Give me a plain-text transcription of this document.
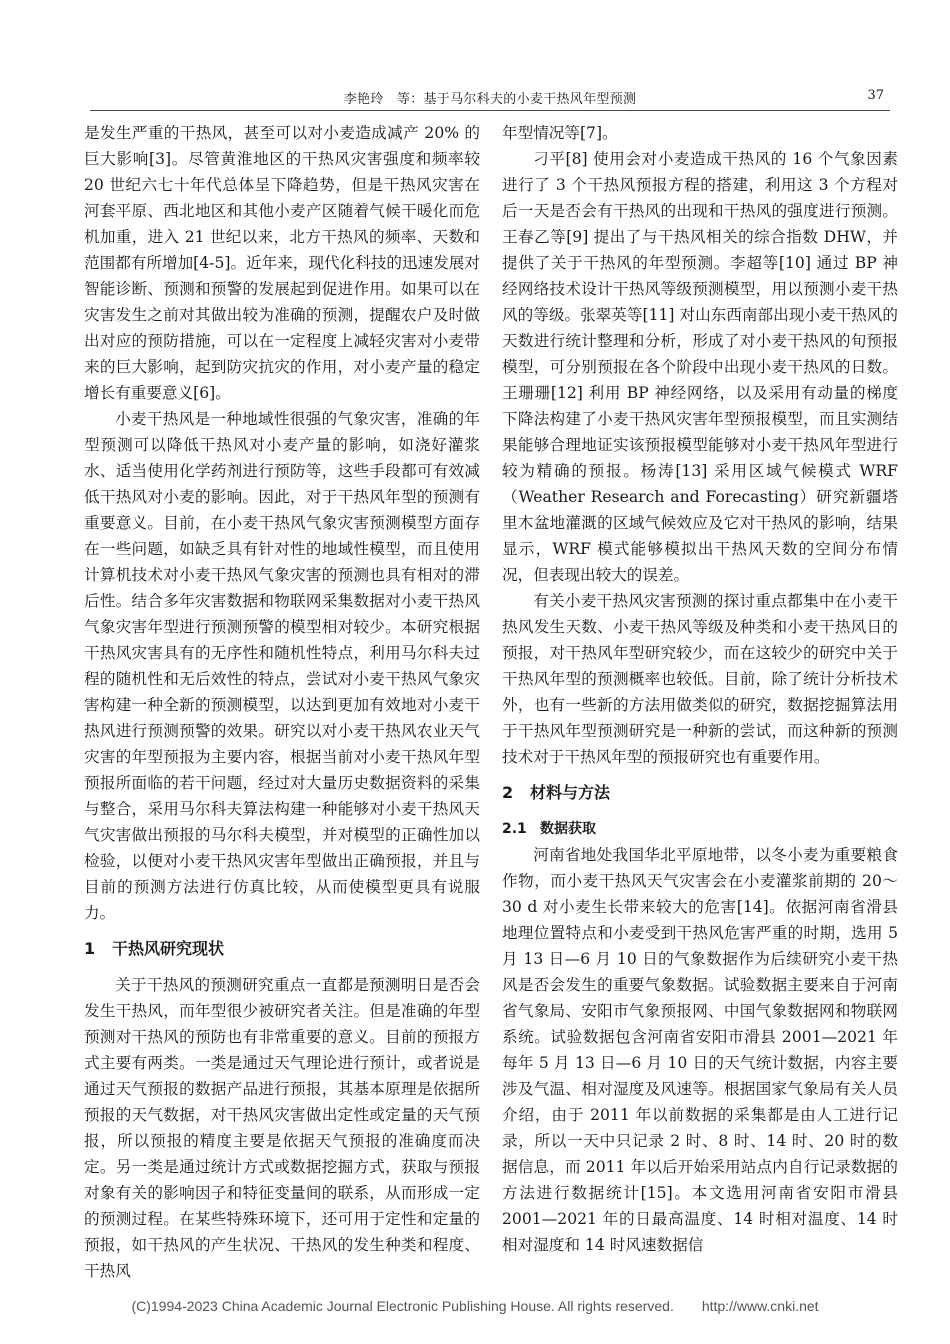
李艳玲　等：基于马尔科夫的小麦干热风年型预测	37

是发生严重的干热风，甚至可以对小麦造成减产 20% 的巨大影响[3]。尽管黄淮地区的干热风灾害强度和频率较 20 世纪六七十年代总体呈下降趋势，但是干热风灾害在河套平原、西北地区和其他小麦产区随着气候干暖化而危机加重，进入 21 世纪以来，北方干热风的频率、天数和范围都有所增加[4-5]。近年来，现代化科技的迅速发展对智能诊断、预测和预警的发展起到促进作用。如果可以在灾害发生之前对其做出较为准确的预测，提醒农户及时做出对应的预防措施，可以在一定程度上减轻灾害对小麦带来的巨大影响，起到防灾抗灾的作用，对小麦产量的稳定增长有重要意义[6]。

小麦干热风是一种地域性很强的气象灾害，准确的年型预测可以降低干热风对小麦产量的影响，如浇好灌浆水、适当使用化学药剂进行预防等，这些手段都可有效减低干热风对小麦的影响。因此，对于干热风年型的预测有重要意义。目前，在小麦干热风气象灾害预测模型方面存在一些问题，如缺乏具有针对性的地域性模型，而且使用计算机技术对小麦干热风气象灾害的预测也具有相对的滞后性。结合多年灾害数据和物联网采集数据对小麦干热风气象灾害年型进行预测预警的模型相对较少。本研究根据干热风灾害具有的无序性和随机性特点，利用马尔科夫过程的随机性和无后效性的特点，尝试对小麦干热风气象灾害构建一种全新的预测模型，以达到更加有效地对小麦干热风进行预测预警的效果。研究以对小麦干热风农业天气灾害的年型预报为主要内容，根据当前对小麦干热风年型预报所面临的若干问题，经过对大量历史数据资料的采集与整合，采用马尔科夫算法构建一种能够对小麦干热风天气灾害做出预报的马尔科夫模型，并对模型的正确性加以检验，以便对小麦干热风灾害年型做出正确预报，并且与目前的预测方法进行仿真比较，从而使模型更具有说服力。

1 干热风研究现状

关于干热风的预测研究重点一直都是预测明日是否会发生干热风，而年型很少被研究者关注。但是准确的年型预测对干热风的预防也有非常重要的意义。目前的预报方式主要有两类。一类是通过天气理论进行预计，或者说是通过天气预报的数据产品进行预报，其基本原理是依据所预报的天气数据，对干热风灾害做出定性或定量的天气预报，所以预报的精度主要是依据天气预报的准确度而决定。另一类是通过统计方式或数据挖掘方式，获取与预报对象有关的影响因子和特征变量间的联系，从而形成一定的预测过程。在某些特殊环境下，还可用于定性和定量的预报，如干热风的产生状况、干热风的发生种类和程度、干热风

年型情况等[7]。

刁平[8] 使用会对小麦造成干热风的 16 个气象因素进行了 3 个干热风预报方程的搭建，利用这 3 个方程对后一天是否会有干热风的出现和干热风的强度进行预测。王春乙等[9] 提出了与干热风相关的综合指数 DHW，并提供了关于干热风的年型预测。李超等[10] 通过 BP 神经网络技术设计干热风等级预测模型，用以预测小麦干热风的等级。张翠英等[11] 对山东西南部出现小麦干热风的天数进行统计整理和分析，形成了对小麦干热风的旬预报模型，可分别预报在各个阶段中出现小麦干热风的日数。王珊珊[12] 利用 BP 神经网络，以及采用有动量的梯度下降法构建了小麦干热风灾害年型预报模型，而且实测结果能够合理地证实该预报模型能够对小麦干热风年型进行较为精确的预报。杨涛[13] 采用区域气候模式 WRF（Weather Research and Forecasting）研究新疆塔里木盆地灌溉的区域气候效应及它对干热风的影响，结果显示，WRF 模式能够模拟出干热风天数的空间分布情况，但表现出较大的误差。

有关小麦干热风灾害预测的探讨重点都集中在小麦干热风发生天数、小麦干热风等级及种类和小麦干热风日的预报，对干热风年型研究较少，而在这较少的研究中关于干热风年型的预测概率也较低。目前，除了统计分析技术外，也有一些新的方法用做类似的研究，数据挖掘算法用于干热风年型预测研究是一种新的尝试，而这种新的预测技术对于干热风年型的预报研究也有重要作用。

2 材料与方法
2.1 数据获取

河南省地处我国华北平原地带，以冬小麦为重要粮食作物，而小麦干热风天气灾害会在小麦灌浆前期的 20～30 d 对小麦生长带来较大的危害[14]。依据河南省滑县地理位置特点和小麦受到干热风危害严重的时期，选用 5 月 13 日—6 月 10 日的气象数据作为后续研究小麦干热风是否会发生的重要气象数据。试验数据主要来自于河南省气象局、安阳市气象预报网、中国气象数据网和物联网系统。试验数据包含河南省安阳市滑县 2001—2021 年每年 5 月 13 日—6 月 10 日的天气统计数据，内容主要涉及气温、相对湿度及风速等。根据国家气象局有关人员介绍，由于 2011 年以前数据的采集都是由人工进行记录，所以一天中只记录 2 时、8 时、14 时、20 时的数据信息，而 2011 年以后开始采用站点内自行记录数据的方法进行数据统计[15]。本文选用河南省安阳市滑县 2001—2021 年的日最高温度、14 时相对温度、14 时相对湿度和 14 时风速数据信

(C)1994-2023 China Academic Journal Electronic Publishing House. All rights reserved.　　http://www.cnki.net
